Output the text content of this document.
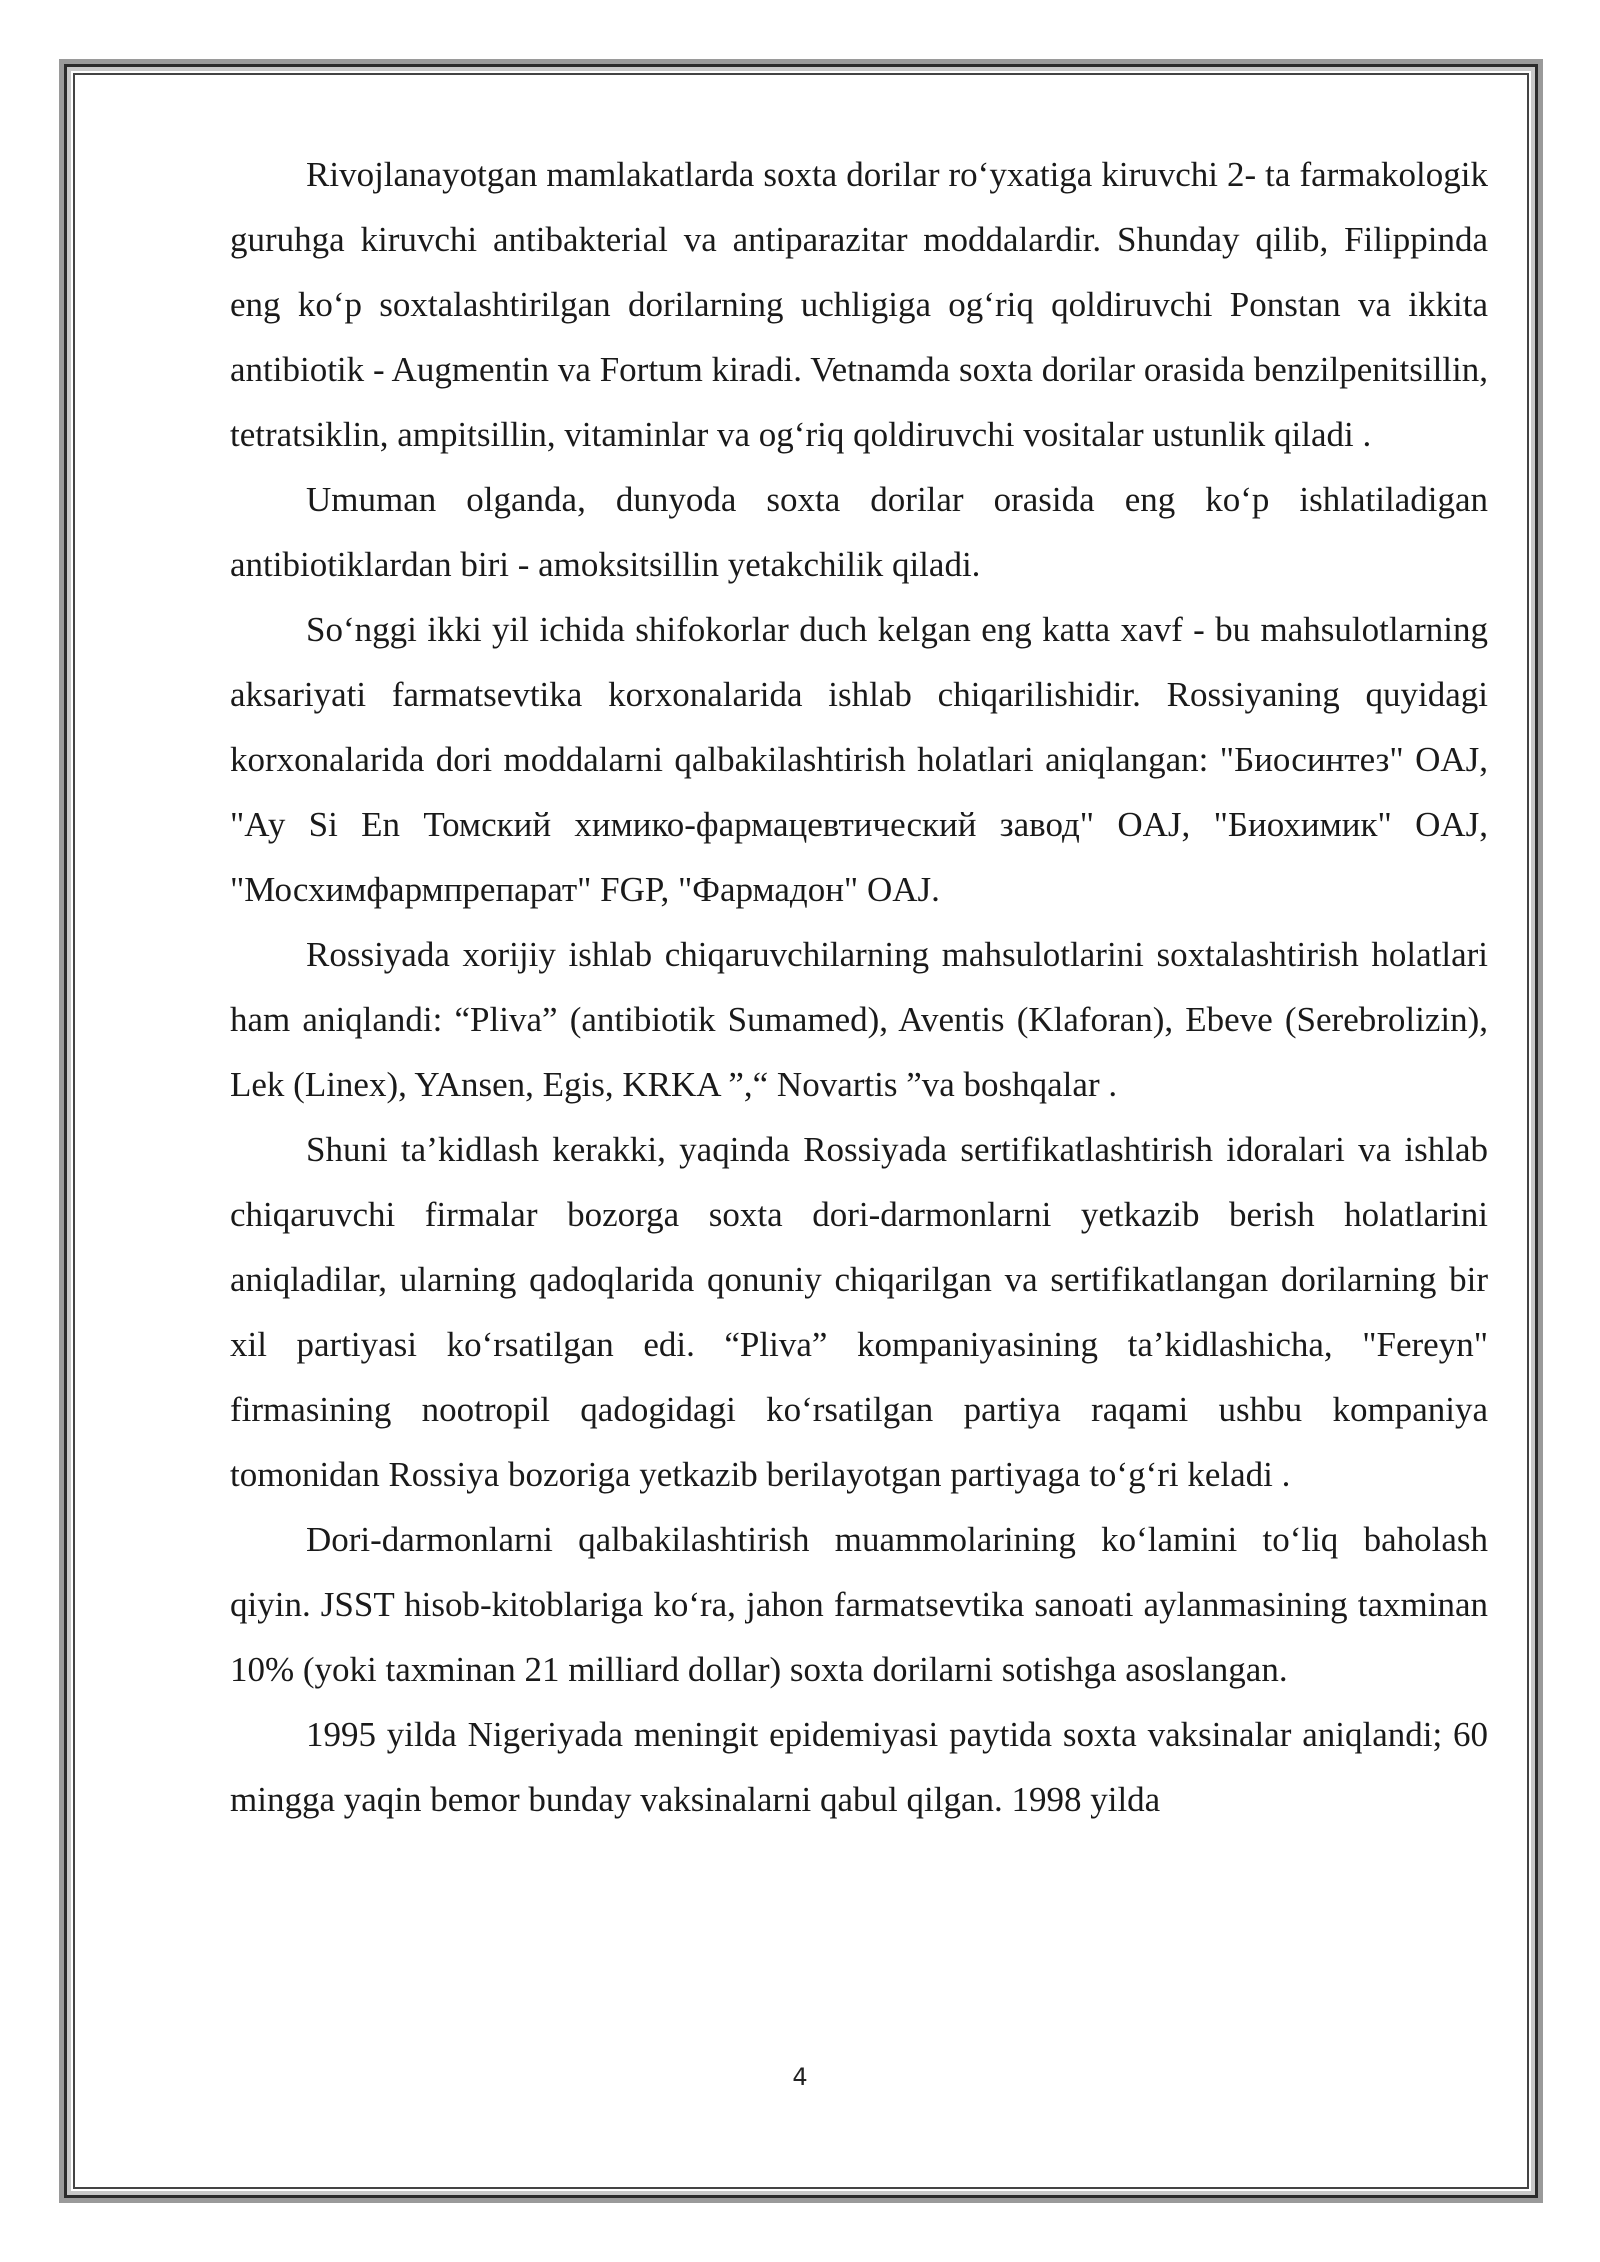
Rivojlanayotgan mamlakatlarda soxta dorilar ro‘yxatiga kiruvchi 2- ta farmakologik guruhga kiruvchi antibakterial va antiparazitar moddalardir. Shunday qilib, Filippinda eng ko‘p soxtalashtirilgan dorilarning uchligiga og‘riq qoldiruvchi Ponstan va ikkita antibiotik - Augmentin va Fortum kiradi. Vetnamda soxta dorilar orasida benzilpenitsillin, tetratsiklin, ampitsillin, vitaminlar va og‘riq qoldiruvchi vositalar ustunlik qiladi .

Umuman olganda, dunyoda soxta dorilar orasida eng ko‘p ishlatiladigan antibiotiklardan biri - amoksitsillin yetakchilik qiladi.

So‘nggi ikki yil ichida shifokorlar duch kelgan eng katta xavf - bu mahsulotlarning aksariyati farmatsevtika korxonalarida ishlab chiqarilishidir. Rossiyaning quyidagi korxonalarida dori moddalarni qalbakilashtirish holatlari aniqlangan: "Биосинтез" OAJ, "Ау Si En Томский химико-фармацевтический завод" OAJ, "Биохимик" OAJ, "Мосхимфармпрепарат" FGP, "Фармадон" OAJ.

Rossiyada xorijiy ishlab chiqaruvchilarning mahsulotlarini soxtalashtirish holatlari ham aniqlandi: “Pliva” (antibiotik Sumamed), Aventis (Klaforan), Ebeve (Serebrolizin), Lek (Linex), YAnsen, Egis, KRKA ”,“ Novartis ”va boshqalar .

Shuni ta’kidlash kerakki, yaqinda Rossiyada sertifikatlashtirish idoralari va ishlab chiqaruvchi firmalar bozorga soxta dori-darmonlarni yetkazib berish holatlarini aniqladilar, ularning qadoqlarida qonuniy chiqarilgan va sertifikatlangan dorilarning bir xil partiyasi ko‘rsatilgan edi. “Pliva” kompaniyasining ta’kidlashicha, "Fereyn" firmasining nootropil qadogidagi ko‘rsatilgan partiya raqami ushbu kompaniya tomonidan Rossiya bozoriga yetkazib berilayotgan partiyaga to‘g‘ri keladi .

Dori-darmonlarni qalbakilashtirish muammolarining ko‘lamini to‘liq baholash qiyin. JSST hisob-kitoblariga ko‘ra, jahon farmatsevtika sanoati aylanmasining taxminan 10% (yoki taxminan 21 milliard dollar) soxta dorilarni sotishga asoslangan.

1995 yilda Nigeriyada meningit epidemiyasi paytida soxta vaksinalar aniqlandi; 60 mingga yaqin bemor bunday vaksinalarni qabul qilgan. 1998 yilda

4
